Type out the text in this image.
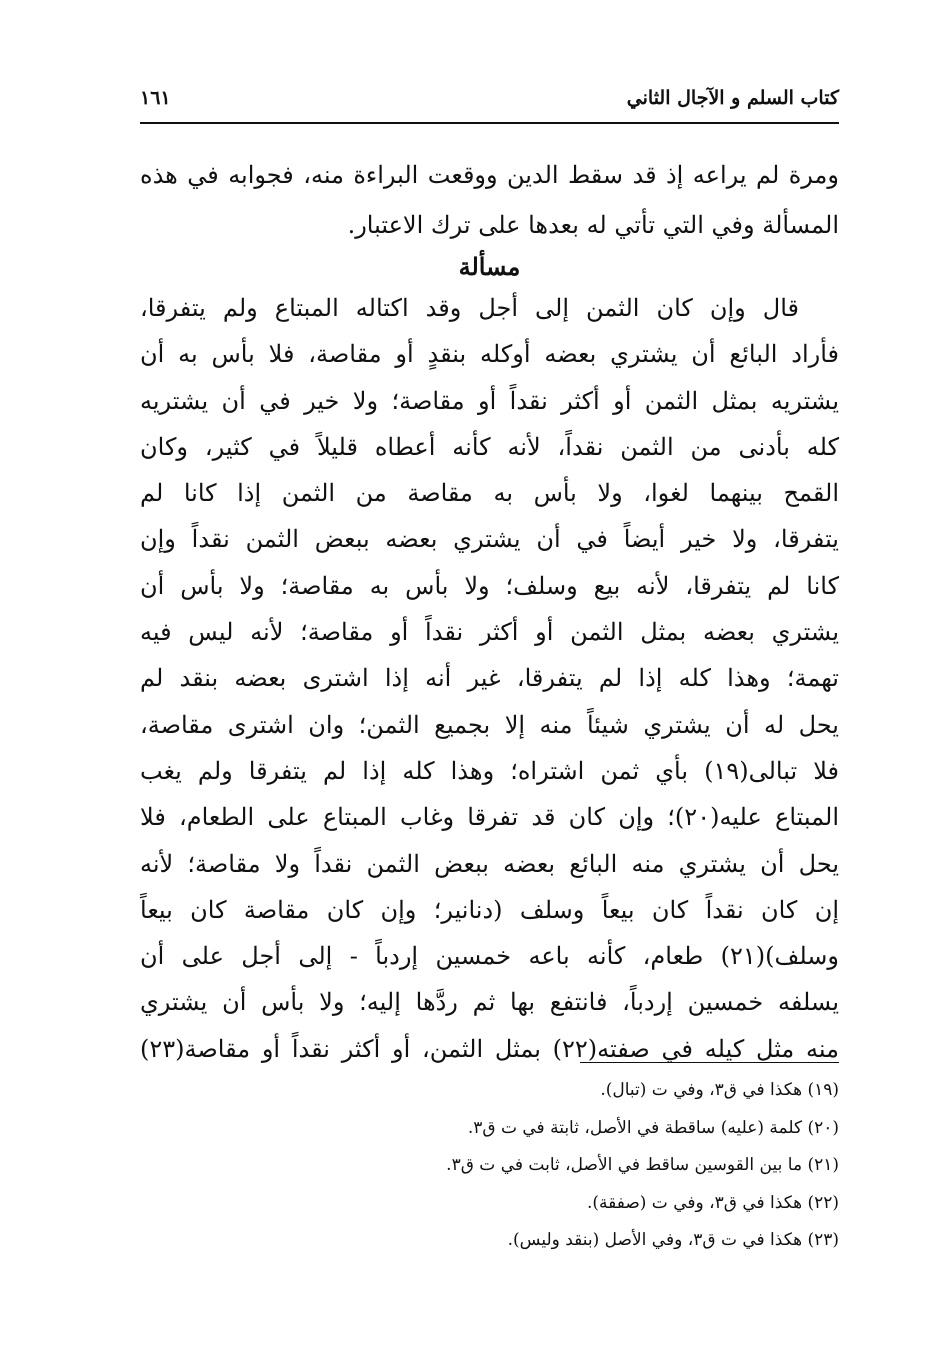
كتاب السلم و الآجال الثاني
١٦١
ومرة لم يراعه إذ قد سقط الدين ووقعت البراءة منه، فجوابه في هذه
المسألة وفي التي تأتي له بعدها على ترك الاعتبار.
مسألة
قال وإن كان الثمن إلى أجل وقد اكتاله المبتاع ولم يتفرقا،
فأراد البائع أن يشتري بعضه أوكله بنقدٍ أو مقاصة، فلا بأس به أن
يشتريه بمثل الثمن أو أكثر نقداً أو مقاصة؛ ولا خير في أن يشتريه
كله بأدنى من الثمن نقداً، لأنه كأنه أعطاه قليلاً في كثير، وكان
القمح بينهما لغوا، ولا بأس به مقاصة من الثمن إذا كانا لم
يتفرقا، ولا خير أيضاً في أن يشتري بعضه ببعض الثمن نقداً وإن
كانا لم يتفرقا، لأنه بيع وسلف؛ ولا بأس به مقاصة؛ ولا بأس أن
يشتري بعضه بمثل الثمن أو أكثر نقداً أو مقاصة؛ لأنه ليس فيه
تهمة؛ وهذا كله إذا لم يتفرقا، غير أنه إذا اشترى بعضه بنقد لم
يحل له أن يشتري شيئاً منه إلا بجميع الثمن؛ وان اشترى مقاصة،
فلا تبالى(١٩) بأي ثمن اشتراه؛ وهذا كله إذا لم يتفرقا ولم يغب
المبتاع عليه(٢٠)؛ وإن كان قد تفرقا وغاب المبتاع على الطعام، فلا
يحل أن يشتري منه البائع بعضه ببعض الثمن نقداً ولا مقاصة؛ لأنه
إن كان نقداً كان بيعاً وسلف (دنانير؛ وإن كان مقاصة كان بيعاً
وسلف)(٢١) طعام، كأنه باعه خمسين إردباً - إلى أجل على أن
يسلفه خمسين إردباً، فانتفع بها ثم ردَّها إليه؛ ولا بأس أن يشتري
منه مثل كيله في صفته(٢٢) بمثل الثمن، أو أكثر نقداً أو مقاصة(٢٣)
(١٩) هكذا في ق٣، وفي ت (تبال).
(٢٠) كلمة (عليه) ساقطة في الأصل، ثابتة في ت ق٣.
(٢١) ما بين القوسين ساقط في الأصل، ثابت في ت ق٣.
(٢٢) هكذا في ق٣، وفي ت (صفقة).
(٢٣) هكذا في ت ق٣، وفي الأصل (بنقد وليس).
